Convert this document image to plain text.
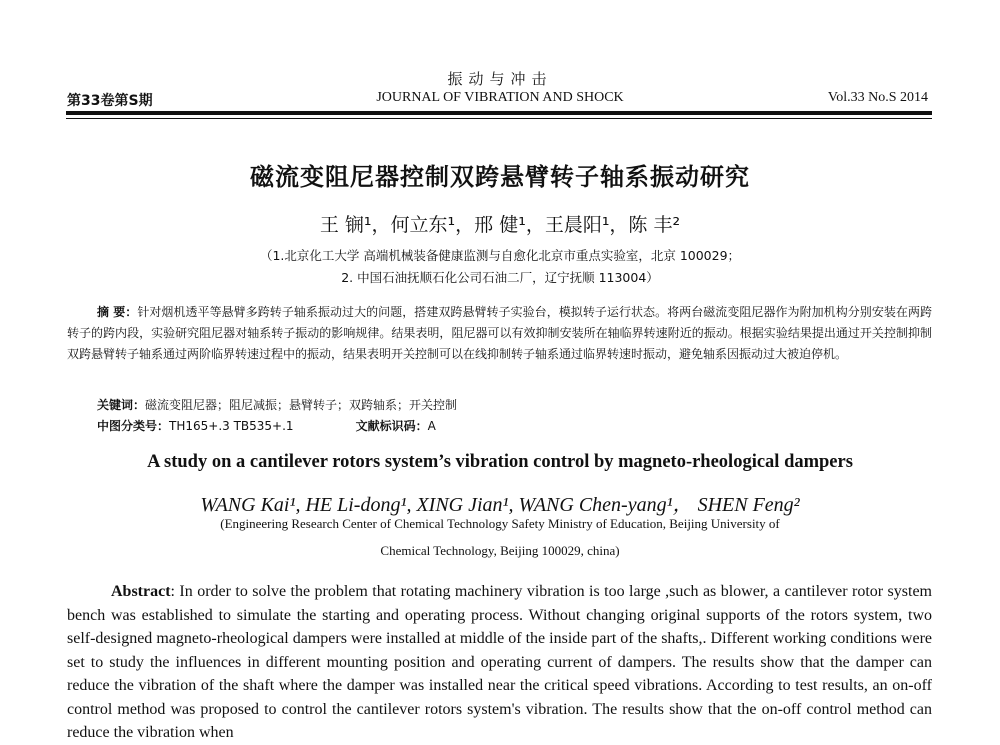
振动与冲击
第33卷第S期	JOURNAL OF VIBRATION AND SHOCK	Vol.33 No.S 2014
磁流变阻尼器控制双跨悬臂转子轴系振动研究
王 锎¹，何立东¹，邢 健¹，王晨阳¹，陈 丰²
（1.北京化工大学 高端机械装备健康监测与自愈化北京市重点实验室，北京 100029；
2. 中国石油抚顺石化公司石油二厂，辽宁抚顺 113004）
摘 要：针对烟机透平等悬臂多跨转子轴系振动过大的问题，搭建双跨悬臂转子实验台，模拟转子运行状态。将两台磁流变阻尼器作为附加机构分别安装在两跨转子的跨内段，实验研究阻尼器对轴系转子振动的影响规律。结果表明，阻尼器可以有效抑制安装所在轴临界转速附近的振动。根据实验结果提出通过开关控制抑制双跨悬臂转子轴系通过两阶临界转速过程中的振动，结果表明开关控制可以在线抑制转子轴系通过临界转速时振动，避免轴系因振动过大被迫停机。
关键词：磁流变阻尼器；阻尼减振；悬臂转子；双跨轴系；开关控制
中图分类号：TH165+.3 TB535+.1	文献标识码：A
A study on a cantilever rotors system’s vibration control by magneto-rheological dampers
WANG Kai¹, HE Li-dong¹, XING Jian¹, WANG Chen-yang¹， SHEN Feng²
(Engineering Research Center of Chemical Technology Safety Ministry of Education, Beijing University of
Chemical Technology, Beijing 100029, china)
Abstract: In order to solve the problem that rotating machinery vibration is too large ,such as blower, a cantilever rotor system bench was established to simulate the starting and operating process. Without changing original supports of the rotors system, two self-designed magneto-rheological dampers were installed at middle of the inside part of the shafts,. Different working conditions were set to study the influences in different mounting position and operating current of dampers. The results show that the damper can reduce the vibration of the shaft where the damper was installed near the critical speed vibrations. According to test results, an on-off control method was proposed to control the cantilever rotors system's vibration. The results show that the on-off control method can reduce the vibration when
